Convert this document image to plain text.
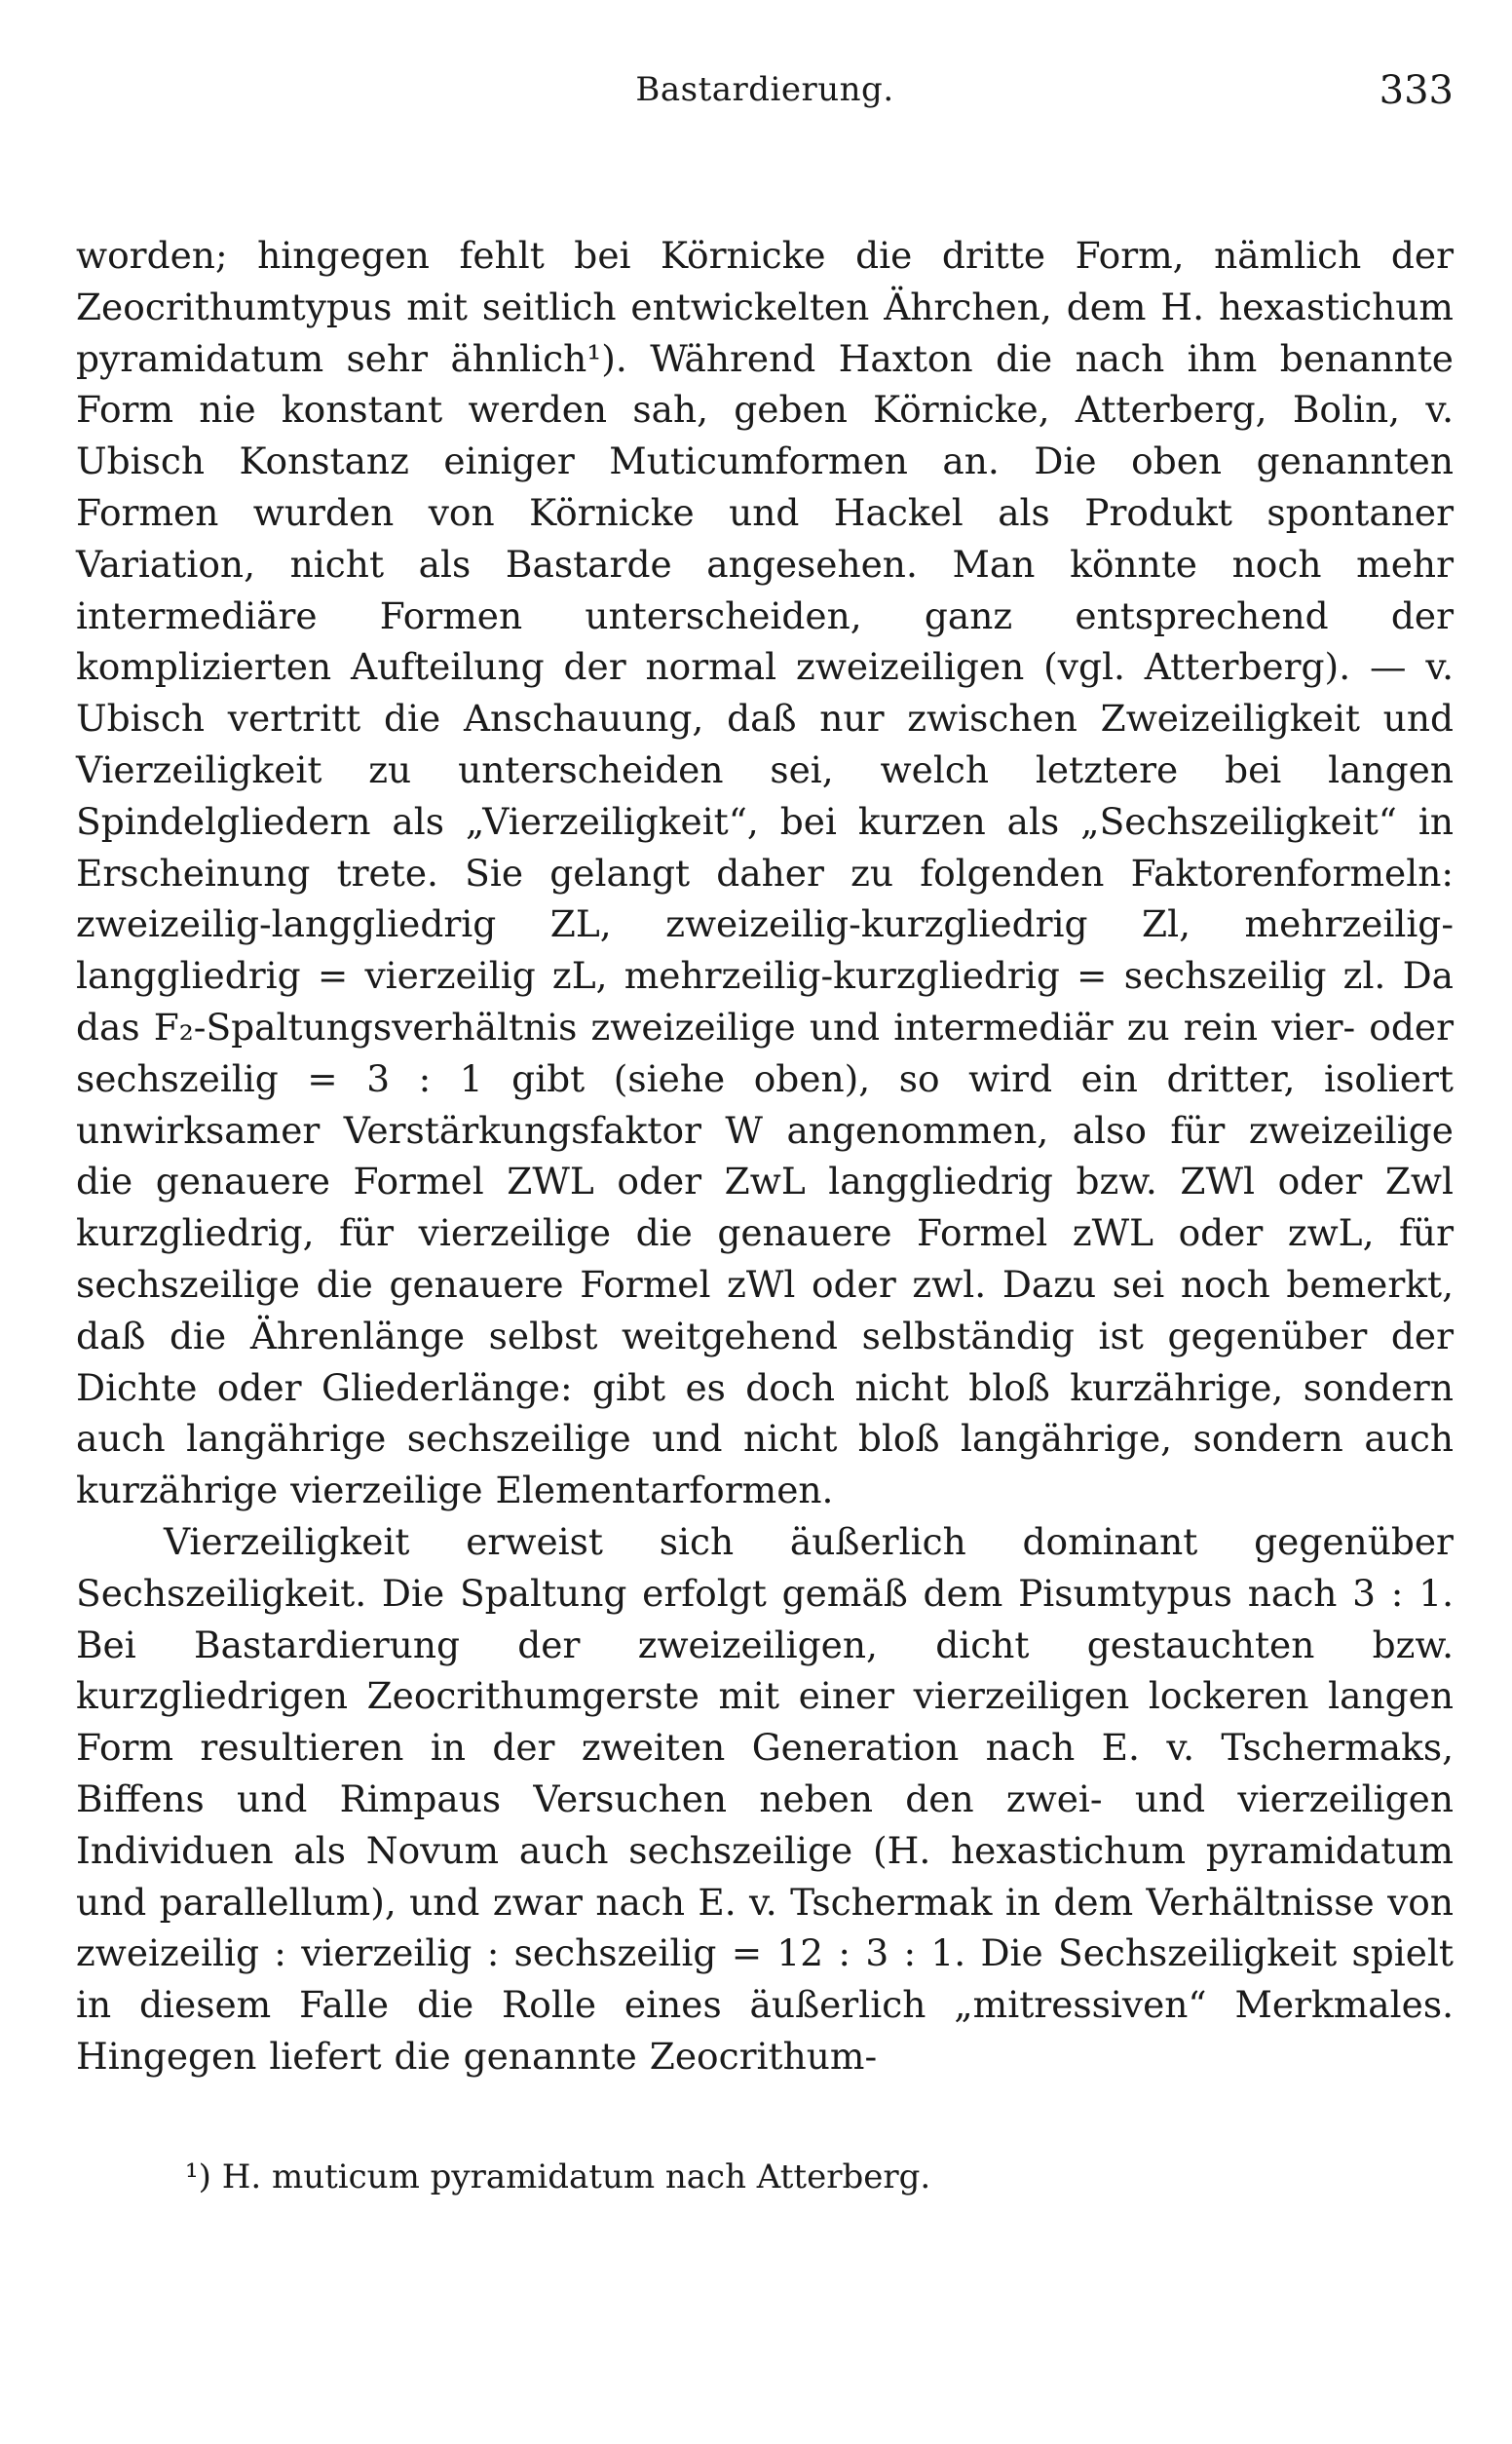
Bastardierung.	333

worden; hingegen fehlt bei Körnicke die dritte Form, nämlich der Zeocrithumtypus mit seitlich entwickelten Ährchen, dem H. hexastichum pyramidatum sehr ähnlich¹). Während Haxton die nach ihm benannte Form nie konstant werden sah, geben Körnicke, Atterberg, Bolin, v. Ubisch Konstanz einiger Muticumformen an. Die oben genannten Formen wurden von Körnicke und Hackel als Produkt spontaner Variation, nicht als Bastarde angesehen. Man könnte noch mehr intermediäre Formen unterscheiden, ganz entsprechend der komplizierten Aufteilung der normal zweizeiligen (vgl. Atterberg). — v. Ubisch vertritt die Anschauung, daß nur zwischen Zweizeiligkeit und Vierzeiligkeit zu unterscheiden sei, welch letztere bei langen Spindelgliedern als „Vierzeiligkeit“, bei kurzen als „Sechszeiligkeit“ in Erscheinung trete. Sie gelangt daher zu folgenden Faktorenformeln: zweizeilig-langgliedrig ZL, zweizeilig-kurzgliedrig Zl, mehrzeilig-langgliedrig = vierzeilig zL, mehrzeilig-kurzgliedrig = sechszeilig zl. Da das F₂-Spaltungsverhältnis zweizeilige und intermediär zu rein vier- oder sechszeilig = 3 : 1 gibt (siehe oben), so wird ein dritter, isoliert unwirksamer Verstärkungsfaktor W angenommen, also für zweizeilige die genauere Formel ZWL oder ZwL langgliedrig bzw. ZWl oder Zwl kurzgliedrig, für vierzeilige die genauere Formel zWL oder zwL, für sechszeilige die genauere Formel zWl oder zwl. Dazu sei noch bemerkt, daß die Ährenlänge selbst weitgehend selbständig ist gegenüber der Dichte oder Gliederlänge: gibt es doch nicht bloß kurzährige, sondern auch langährige sechszeilige und nicht bloß langährige, sondern auch kurzährige vierzeilige Elementarformen.

Vierzeiligkeit erweist sich äußerlich dominant gegenüber Sechszeiligkeit. Die Spaltung erfolgt gemäß dem Pisumtypus nach 3 : 1. Bei Bastardierung der zweizeiligen, dicht gestauchten bzw. kurzgliedrigen Zeocrithumgerste mit einer vierzeiligen lockeren langen Form resultieren in der zweiten Generation nach E. v. Tschermaks, Biffens und Rimpaus Versuchen neben den zwei- und vierzeiligen Individuen als Novum auch sechszeilige (H. hexastichum pyramidatum und parallellum), und zwar nach E. v. Tschermak in dem Verhältnisse von zweizeilig : vierzeilig : sechszeilig = 12 : 3 : 1. Die Sechszeiligkeit spielt in diesem Falle die Rolle eines äußerlich „mitressiven“ Merkmales. Hingegen liefert die genannte Zeocrithum-

¹) H. muticum pyramidatum nach Atterberg.
